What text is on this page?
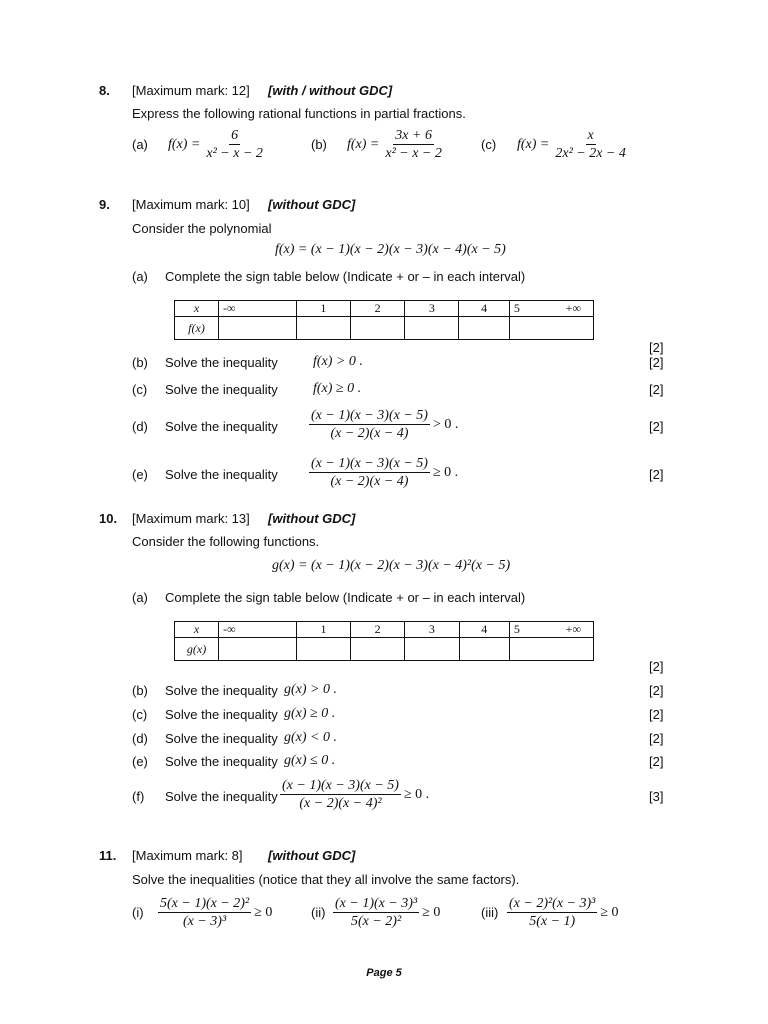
8. [Maximum mark: 12] [with / without GDC]
Express the following rational functions in partial fractions.
(a)	$f(x) = \frac{6}{\text{x² − x − 2}}$	(b)	$f(x) = \frac{3x + 6}{\text{x² − x − 2}}$	(c)	$f(x) = \frac{x}{\text{2x² − 2x − 4}}$
9. [Maximum mark: 10] [without GDC]
Consider the polynomial
f(x) = (x − 1)(x − 2)(x − 3)(x − 4)(x − 5)
(a) Complete the sign table below (Indicate + or – in each interval)
x	-∞	1	2	3	4	5 +∞

f(x)						
[2]
(b) Solve the inequality	f(x) > 0 .	[2]
(c) Solve the inequality	f(x) ≥ 0 .	[2]
(d) Solve the inequality $\frac{(x - 1)(x - 3)(x - 5)}{(x - 2)(x - 4)} > 0$ .	[2]
(e) Solve the inequality $\frac{(x - 1)(x - 3)(x - 5)}{(x - 2)(x - 4)} \ge 0$ .	[2]
10. [Maximum mark: 13] [without GDC]
Consider the following functions.
g(x) = (x − 1)(x − 2)(x − 3)(x − 4)²(x − 5)
(a) Complete the sign table below (Indicate + or – in each interval)
x	-∞	1	2	3	4	5 +∞

g(x)						
[2]
(b) Solve the inequality g(x) > 0 .	[2]
(c) Solve the inequality g(x) ≥ 0 .	[2]
(d) Solve the inequality g(x) < 0 .	[2]
(e) Solve the inequality g(x) ≤ 0 .	[2]
(f) Solve the inequality $\frac{(x - 1)(x - 3)(x - 5)}{\text{(x − 2)(x − 4)²}} \ge 0$ .	[3]
11. [Maximum mark: 8] [without GDC]
Solve the inequalities (notice that they all involve the same factors).
(i)	$\frac{\text{5(x − 1)(x − 2)²}}{\text{(x − 3)³}} \ge 0$	$(ii) \frac{\text{(x − 1)(x − 3)³}}{\text{5(x − 2)²}} \ge 0$	$(iii) \frac{\text{(x − 2)²(x − 3)³}}{5(x - 1)} \ge 0$
Page 5
